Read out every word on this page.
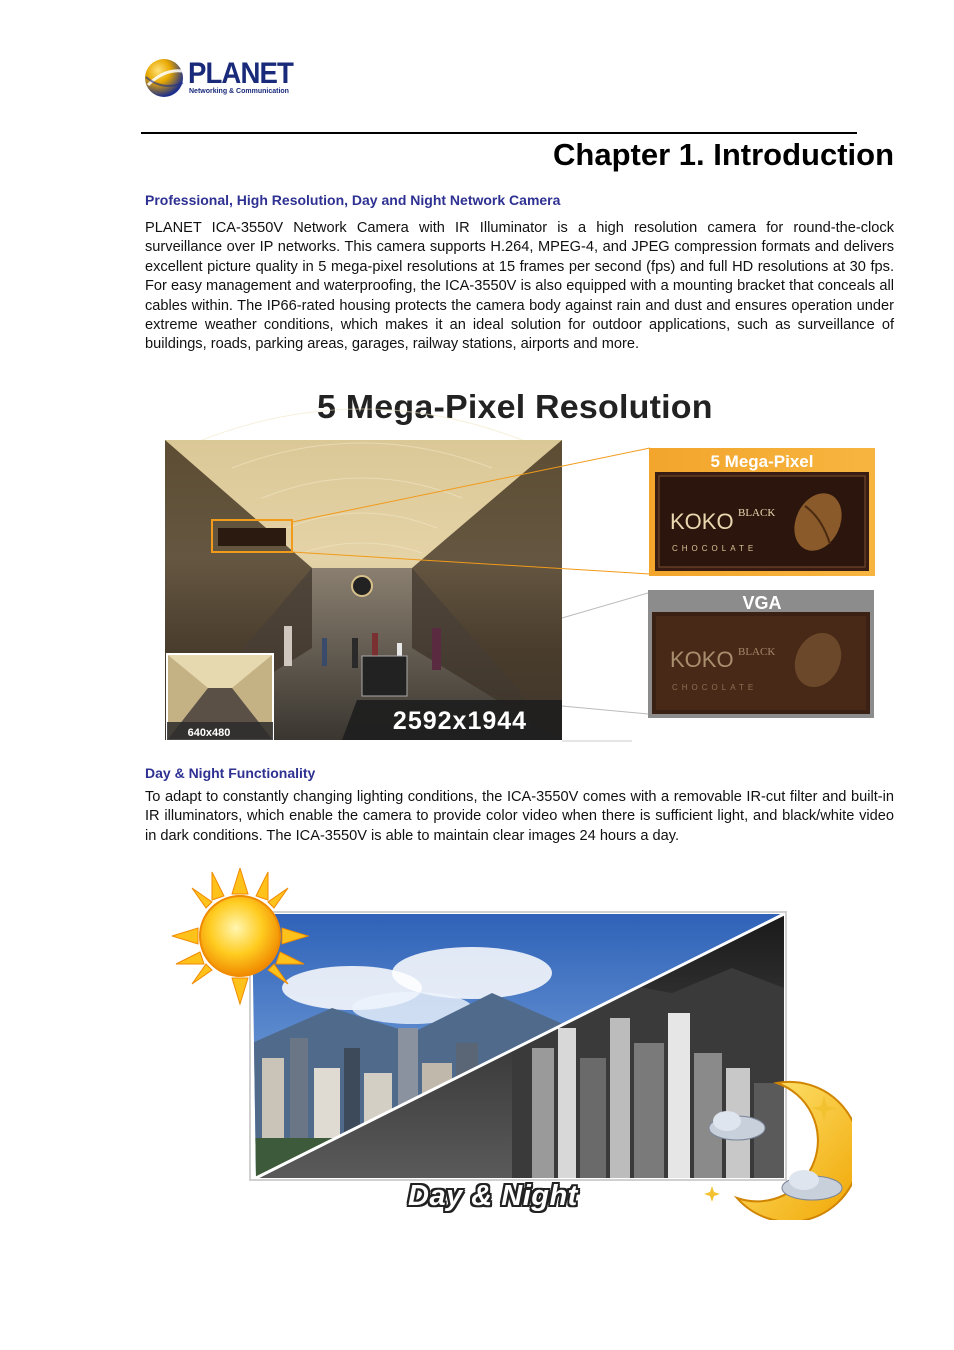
PLANET
Networking & Communication
Chapter 1. Introduction
Professional, High Resolution, Day and Night Network Camera
PLANET ICA-3550V Network Camera with IR Illuminator is a high resolution camera for round-the-clock surveillance over IP networks. This camera supports H.264, MPEG-4, and JPEG compression formats and delivers excellent picture quality in 5 mega-pixel resolutions at 15 frames per second (fps) and full HD resolutions at 30 fps. For easy management and waterproofing, the ICA-3550V is also equipped with a mounting bracket that conceals all cables within. The IP66-rated housing protects the camera body against rain and dust and ensures operation under extreme weather conditions, which makes it an ideal solution for outdoor applications, such as surveillance of buildings, roads, parking areas, garages, railway stations, airports and more.
5 Mega-Pixel Resolution
640x480	2592x1944
5 Mega-Pixel
KOKO BLACK
CHOCOLATE
VGA
KOKO BLACK
CHOCOLATE
Day & Night Functionality
To adapt to constantly changing lighting conditions, the ICA-3550V comes with a removable IR-cut filter and built-in IR illuminators, which enable the camera to provide color video when there is sufficient light, and black/white video in dark conditions. The ICA-3550V is able to maintain clear images 24 hours a day.
Day & Night
